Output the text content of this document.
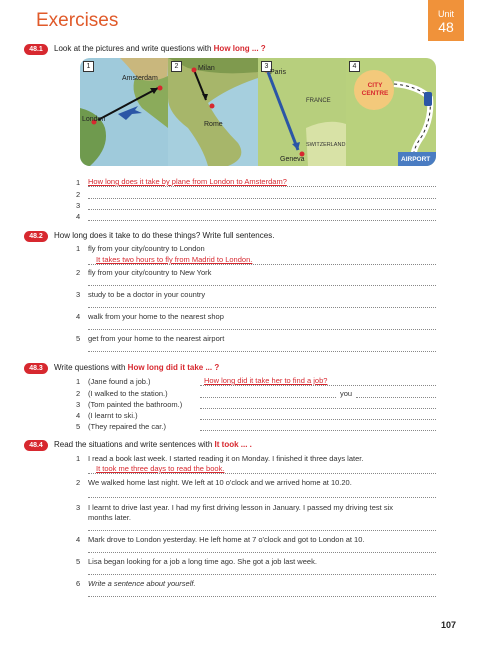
Exercises	Unit
48
48.1	Look at the pictures and write questions with How long ... ?
1
Amsterdam
London
2	Milan
Rome
3
Paris
FRANCE
SWITZERLAND
Geneva
4
CITY CENTRE
AIRPORT
1 How long does it take by plane from London to Amsterdam?
2
3
4
48.2	How long does it take to do these things? Write full sentences.
1 fly from your city/country to London
It takes two hours to fly from Madrid to London.
2 fly from your city/country to New York
3 study to be a doctor in your country
4 walk from your home to the nearest shop
5 get from your home to the nearest airport
48.3	Write questions with How long did it take ... ?
1 (Jane found a job.)	How long did it take her to find a job?
2 (I walked to the station.)	you
3 (Tom painted the bathroom.)
4 (I learnt to ski.)
5 (They repaired the car.)
48.4	Read the situations and write sentences with It took ... .
1 I read a book last week. I started reading it on Monday. I finished it three days later.
It took me three days to read the book.
2 We walked home last night. We left at 10 o'clock and we arrived home at 10.20.
3 I learnt to drive last year. I had my first driving lesson in January. I passed my driving test six
months later.
4 Mark drove to London yesterday. He left home at 7 o'clock and got to London at 10.
5 Lisa began looking for a job a long time ago. She got a job last week.
6 Write a sentence about yourself.
107
